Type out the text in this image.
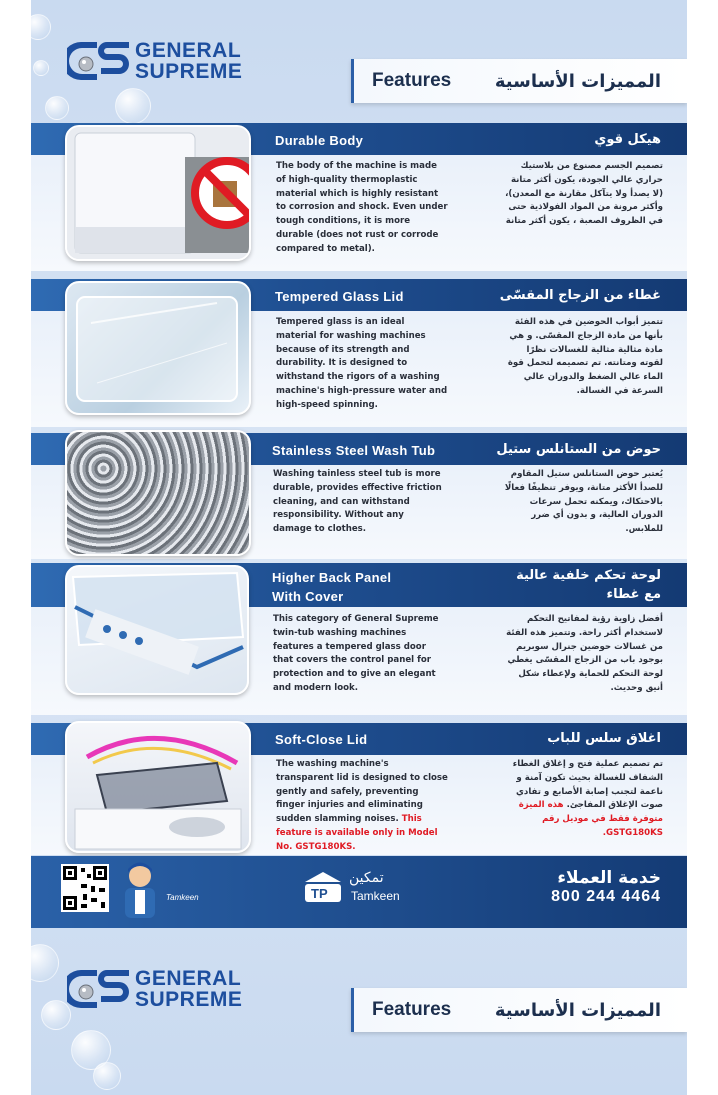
GENERAL
SUPREME	Features المميزات الأساسية
Durable Body	هيكل قوي
The body of the machine is made of high-quality thermoplastic material which is highly resistant to corrosion and shock. Even under tough conditions, it is more durable (does not rust or corrode compared to metal).
تصميم الجسم مصنوع من بلاستيك حراري عالي الجودة، يكون أكثر متانة (لا يصدأ ولا يتآكل مقارنة مع المعدن)، وأكثر مرونة من المواد الفولاذية حتى في الظروف الصعبة ، يكون أكثر متانة
Tempered Glass Lid	غطاء من الزجاج المقسّى
Tempered glass is an ideal material for washing machines because of its strength and durability. It is designed to withstand the rigors of a washing machine's high-pressure water and high-speed spinning.
تتميز أبواب الحوضين في هذه الفئة بأنها من مادة الزجاج المقسّى. و هي مادة مثالية مثالية للغسالات نظرًا لقوته ومتانته. تم تصميمه لتحمل قوة الماء عالي الضغط والدوران عالي السرعة في الغسالة.
Stainless Steel Wash Tub	حوض من الستانلس ستيل
Washing tainless steel tub is more durable, provides effective friction cleaning, and can withstand responsibility. Without any damage to clothes.
يُعتبر حوض الستانلس ستيل المقاوم للصدأ الأكثر متانة، ويوفر تنظيفًا فعالًا بالاحتكاك، ويمكنه تحمل سرعات الدوران العالية، و بدون أي ضرر للملابس.
Higher Back Panel
With Cover
لوحة تحكم خلفية عالية
مع غطاء
This category of General Supreme twin-tub washing machines features a tempered glass door that covers the control panel for protection and to give an elegant and modern look.
أفضل زاوية رؤية لمفاتيح التحكم لاستخدام أكثر راحة. وتتميز هذه الفئة من غسالات حوضين جنرال سوبريم بوجود باب من الزجاج المقسّى يغطي لوحة التحكم للحماية ولإعطاء شكل أنيق وحديث.
Soft-Close Lid	اغلاق سلس للباب
The washing machine's transparent lid is designed to close gently and safely, preventing finger injuries and eliminating sudden slamming noises. This feature is available only in Model No. GSTG180KS.
تم تصميم عملية فتح و إغلاق الغطاء الشفاف للغسالة بحيث تكون آمنة و ناعمة لتجنب إصابة الأصابع و تفادي صوت الإغلاق المفاجئ. هذه الميزة متوفرة فقط في موديل رقم GSTG180KS.
Tamkeen	TP
تمكين
Tamkeen
خدمة العملاء
800 244 4464
GENERAL
SUPREME	Features المميزات الأساسية
